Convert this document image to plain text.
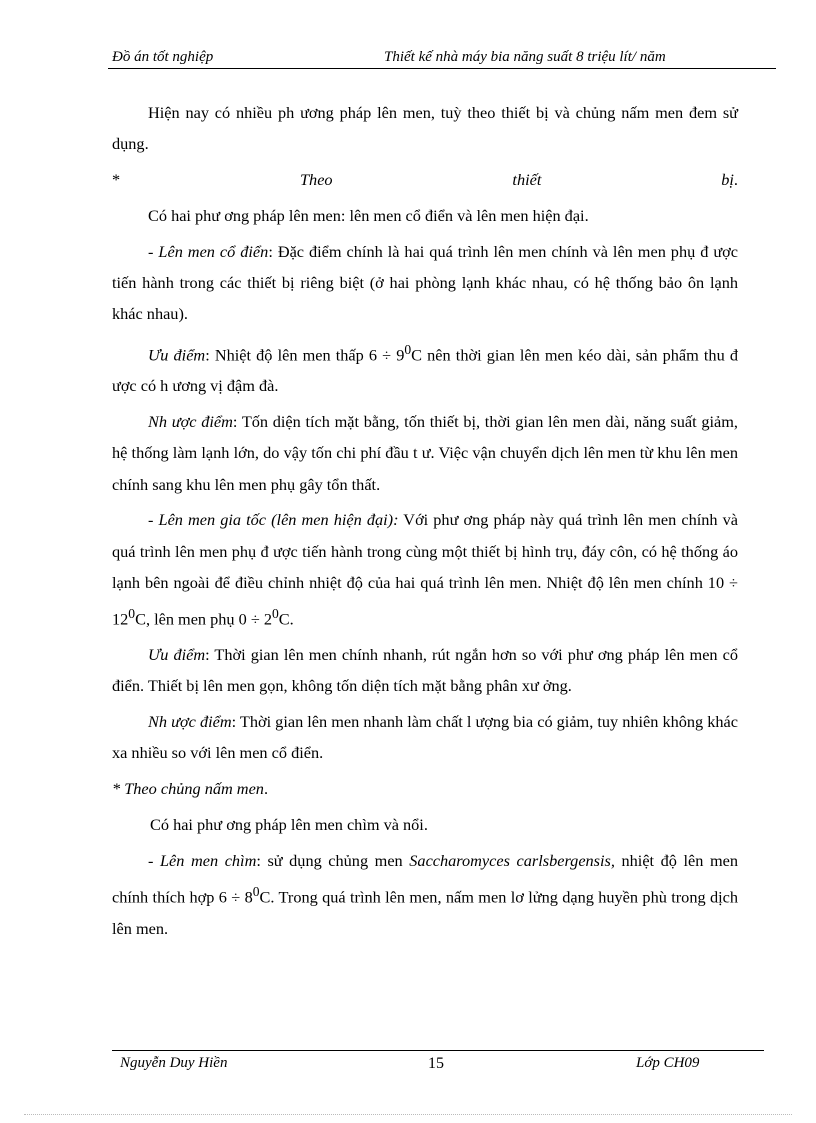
Đồ án tốt nghiệp	Thiết kế nhà máy bia năng suất 8 triệu lít/ năm

Hiện nay có nhiều ph ương pháp lên men, tuỳ theo thiết bị và chủng nấm men đem sử dụng.

*	Theo	thiết	bị.

Có hai phư ơng pháp lên men: lên men cổ điển và lên men hiện đại.

- Lên men cổ điển: Đặc điểm chính là hai quá trình lên men chính và lên men phụ đ ược tiến hành trong các thiết bị riêng biệt (ở hai phòng lạnh khác nhau, có hệ thống bảo ôn lạnh khác nhau).

Ưu điểm: Nhiệt độ lên men thấp $6 \div 9^0C$ nên thời gian lên men kéo dài, sản phẩm thu đ ược có h ương vị đậm đà.

Nh ược điểm: Tốn diện tích mặt bằng, tốn thiết bị, thời gian lên men dài, năng suất giảm, hệ thống làm lạnh lớn, do vậy tốn chi phí đầu t ư. Việc vận chuyển dịch lên men từ khu lên men chính sang khu lên men phụ gây tổn thất.

- Lên men gia tốc (lên men hiện đại): Với phư ơng pháp này quá trình lên men chính và quá trình lên men phụ đ ược tiến hành trong cùng một thiết bị hình trụ, đáy côn, có hệ thống áo lạnh bên ngoài để điều chỉnh nhiệt độ của hai quá trình lên men. Nhiệt độ lên men chính $10 \div 12^0C$, lên men phụ $0 \div 2^0C$.

Ưu điểm: Thời gian lên men chính nhanh, rút ngắn hơn so với phư ơng pháp lên men cổ điển. Thiết bị lên men gọn, không tốn diện tích mặt bằng phân xư ởng.

Nh ược điểm: Thời gian lên men nhanh làm chất l ượng bia có giảm, tuy nhiên không khác xa nhiều so với lên men cổ điển.

* Theo chủng nấm men.

Có hai phư ơng pháp lên men chìm và nổi.

- Lên men chìm: sử dụng chủng men Saccharomyces carlsbergensis, nhiệt độ lên men chính thích hợp $6 \div 8^0C$. Trong quá trình lên men, nấm men lơ lửng dạng huyền phù trong dịch lên men.

Nguyễn Duy Hiền	15	Lớp CH09
